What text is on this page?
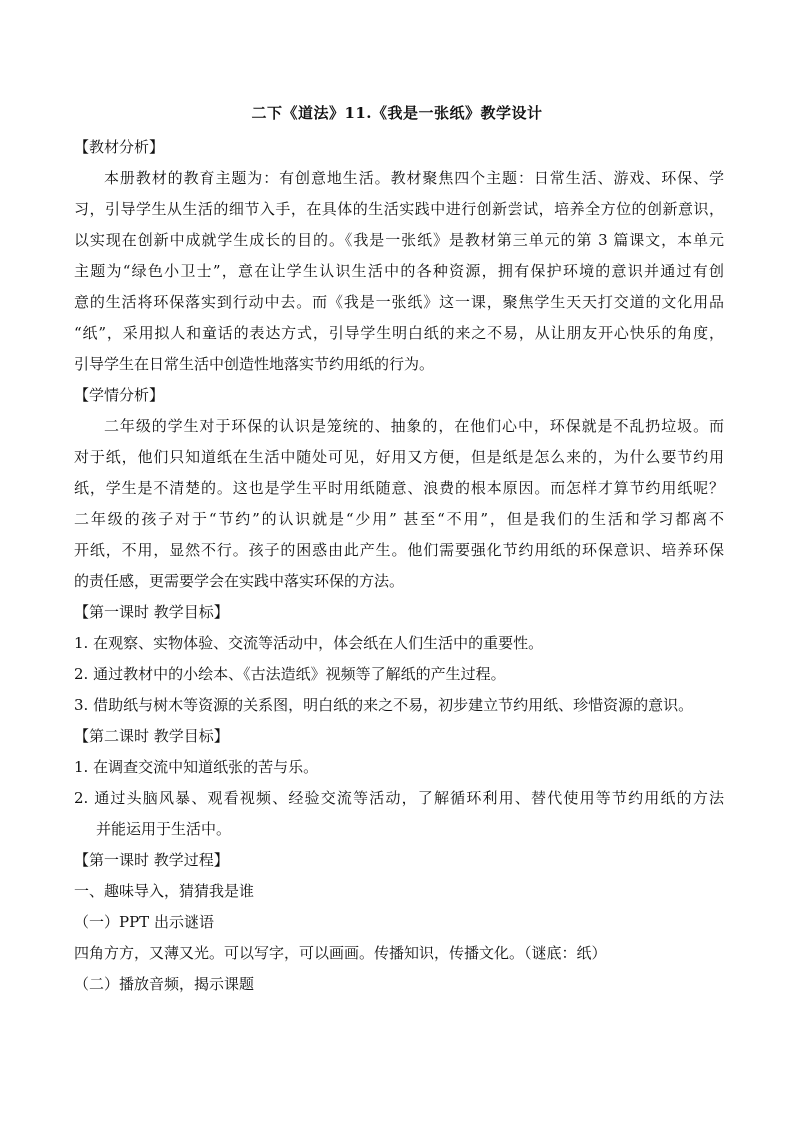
二下《道法》11.《我是一张纸》教学设计
【教材分析】
本册教材的教育主题为：有创意地生活。教材聚焦四个主题：日常生活、游戏、环保、学
习，引导学生从生活的细节入手，在具体的生活实践中进行创新尝试，培养全方位的创新意识，
以实现在创新中成就学生成长的目的。《我是一张纸》是教材第三单元的第 3 篇课文，本单元
主题为“绿色小卫士”，意在让学生认识生活中的各种资源，拥有保护环境的意识并通过有创
意的生活将环保落实到行动中去。而《我是一张纸》这一课，聚焦学生天天打交道的文化用品
“纸”，采用拟人和童话的表达方式，引导学生明白纸的来之不易，从让朋友开心快乐的角度，
引导学生在日常生活中创造性地落实节约用纸的行为。
【学情分析】
二年级的学生对于环保的认识是笼统的、抽象的，在他们心中，环保就是不乱扔垃圾。而
对于纸，他们只知道纸在生活中随处可见，好用又方便，但是纸是怎么来的，为什么要节约用
纸，学生是不清楚的。这也是学生平时用纸随意、浪费的根本原因。而怎样才算节约用纸呢？
二年级的孩子对于“节约”的认识就是“少用” 甚至“不用”，但是我们的生活和学习都离不
开纸，不用，显然不行。孩子的困惑由此产生。他们需要强化节约用纸的环保意识、培养环保
的责任感，更需要学会在实践中落实环保的方法。
【第一课时 教学目标】
1. 在观察、实物体验、交流等活动中，体会纸在人们生活中的重要性。
2. 通过教材中的小绘本、《古法造纸》视频等了解纸的产生过程。
3. 借助纸与树木等资源的关系图，明白纸的来之不易，初步建立节约用纸、珍惜资源的意识。
【第二课时 教学目标】
1. 在调查交流中知道纸张的苦与乐。
2. 通过头脑风暴、观看视频、经验交流等活动，了解循环利用、替代使用等节约用纸的方法
并能运用于生活中。
【第一课时 教学过程】
一、趣味导入，猜猜我是谁
（一）PPT 出示谜语
四角方方，又薄又光。可以写字，可以画画。传播知识，传播文化。（谜底：纸）
（二）播放音频，揭示课题
